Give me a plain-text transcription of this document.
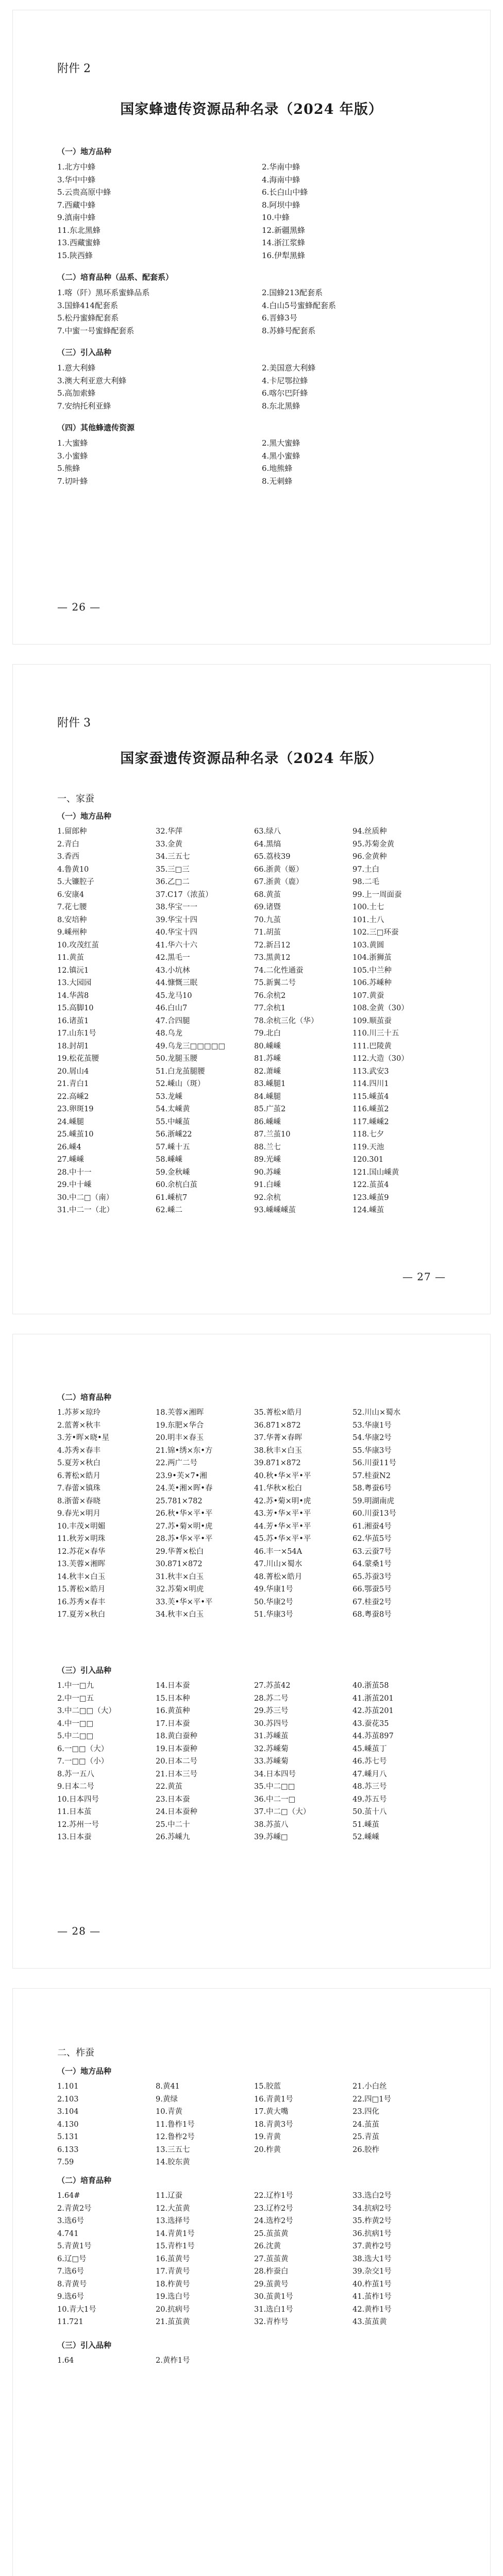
附件 2
国家蜂遗传资源品种名录（2024 年版）
（一）地方品种
1.北方中蜂	2.华南中蜂
3.华中中蜂	4.海南中蜂
5.云贵高原中蜂	6.长白山中蜂
7.西藏中蜂	8.阿坝中蜂
9.滇南中蜂	10.中蜂
11.东北黑蜂	12.新疆黑蜂
13.西藏蜜蜂	14.浙江浆蜂
15.陕西蜂	16.伊犁黑蜂
（二）培育品种（品系、配套系）
1.喀（阡）黑环系蜜蜂品系	2.国蜂213配套系
3.国蜂414配套系	4.白山5号蜜蜂配套系
5.松丹蜜蜂配套系	6.晋蜂3号
7.中蜜一号蜜蜂配套系	8.苏蜂号配套系
（三）引入品种
1.意大利蜂	2.美国意大利蜂
3.澳大利亚意大利蜂	4.卡尼鄂拉蜂
5.高加索蜂	6.喀尔巴阡蜂
7.安纳托利亚蜂	8.东北黑蜂
（四）其他蜂遗传资源
1.大蜜蜂	2.黑大蜜蜂
3.小蜜蜂	4.黑小蜜蜂
5.熊蜂	6.地熊蜂
7.切叶蜂	8.无刺蜂
— 26 —
附件 3
国家蚕遗传资源品种名录（2024 年版）
一、家蚕
（一）地方品种
1.留郎种	32.华萍	63.绿八	94.丝质种
2.青白	33.金黄	64.黑缟	95.苏菊金黄
3.香西	34.三五七	65.荔枝39	96.金黄种
4.鲁黄10	35.三□三	66.浙黄（姬）	97.土白
5.大镰腔子	36.乙□二	67.浙黄（鹿）	98.二毛
6.安康4	37.C17（浓茧）	68.黄茧	99.上一周面蚕
7.花七腰	38.华宝一一	69.诸暨	100.土七
8.安培种	39.华宝十四	70.九茧	101.土八
9.嵊州种	40.华宝十四	71.胡茧	102.三□环蚕
10.攻茂红茧	41.华六十六	72.新吕12	103.黄圆
11.黄茧	42.黑毛一	73.黑黄12	104.浙狮茧
12.镇沅1	43.小坑林	74.二化性通蚕	105.中兰种
13.大园园	44.慷慨三眠	75.新翼二号	106.苏嵊种
14.华茜8	45.龙马10	76.余杭2	107.黄蚕
15.高脚10	46.白山7	77.余杭1	108.金黄（30）
16.诸茧1	47.合四腿	78.余杭三化（华）	109.顺茧蚕
17.山东1号	48.乌龙	79.北白	110.川三十五
18.封胡1	49.乌龙三□□□□□	80.嵊嵊	111.巴陵黄
19.松花茧腰	50.龙腿玉腰	81.苏嵊	112.大造（30）
20.屑山4	51.白龙茧腿腰	82.萧嵊	113.武安3
21.青白1	52.嵊山（斑）	83.嵊腿1	114.四川1
22.高嵊2	53.龙嵊	84.嵊腿	115.嵊茧4
23.卵斑19	54.太嵊黄	85.广茧2	116.嵊茧2
24.嵊腿	55.中嵊茧	86.嵊嵊	117.嵊嵊2
25.嵊茧10	56.浙嵊22	87.兰茧10	118.七夕
26.嵊4	57.嵊十五	88.兰七	119.天池
27.嵊嵊	58.嵊嵊	89.光嵊	120.301
28.中十一	59.金秋嵊	90.苏嵊	121.国山嵊黄
29.中十嵊	60.余杭白茧	91.白嵊	122.茧茧4
30.中二□（南）	61.嵊杭7	92.余杭	123.嵊茧9
31.中二一（北）	62.嵊二	93.嵊嵊嵊茧	124.嵊茧
— 27 —
（二）培育品种
1.苏芗×琼玲	18.芙蓉×湘晖	35.菁松×皓月	52.川山×蜀水
2.蓝菁×秋丰	19.东肥×华合	36.871×872	53.华康1号
3.芳•晖×晓•星	20.明丰×春玉	37.华菁×春晖	54.华康2号
4.苏秀×春丰	21.锦•绣×东•方	38.秋丰×白玉	55.华康3号
5.夏芳×秋白	22.两广二号	39.871×872	56.川蚕11号
6.菁松×皓月	23.9•芙×7•湘	40.秋•华×平•平	57.桂蚕N2
7.春蕾×镇珠	24.芙•湘×晖•春	41.华秋×松白	58.粤蚕6号
8.浙蕾×春晓	25.781×782	42.苏•菊×明•虎	59.明湖南虎
9.春光×明月	26.秋•华×平•平	43.芳•华×平•平	60.川蚕13号
10.丰茂×明媚	27.苏•菊×明•虎	44.芳•华×平•平	61.湘蚕4号
11.秋芳×明珠	28.苏•华×平•平	45.苏•华×平•平	62.华茧5号
12.苏花×春华	29.华菁×松白	46.丰一×54A	63.云蚕7号
13.芙蓉×湘晖	30.871×872	47.川山×蜀水	64.蒙桑1号
14.秋丰×白玉	31.秋丰×白玉	48.菁松×皓月	65.苏蚕3号
15.菁松×皓月	32.苏菊×明虎	49.华康1号	66.鄂蚕5号
16.苏秀×春丰	33.芙•华×平•平	50.华康2号	67.桂蚕2号
17.夏芳×秋白	34.秋丰×白玉	51.华康3号	68.粤蚕8号
（三）引入品种
1.中一□九	14.日本蚕	27.苏茧42	40.浙茧58
2.中一□五	15.日本种	28.苏二号	41.浙茧201
3.中二□□（大）	16.黄茧种	29.苏三号	42.苏茧201
4.中一□□	17.日本蚕	30.苏四号	43.蚕花35
5.中二□□	18.黄白蚕种	31.苏嵊茧	44.苏茧897
6.一□□（大）	19.日本蚕种	32.苏嵊菊	45.嵊茧丁
7.一□□（小）	20.日本二号	33.苏嵊菊	46.苏七号
8.苏一五八	21.日本三号	34.日本四号	47.嵊月八
9.日本二号	22.黄茧	35.中二□□	48.苏三号
10.日本四号	23.日本蚕	36.中二一□	49.苏五号
11.日本茧	24.日本蚕种	37.中二□（大）	50.茧十八
12.苏州一号	25.中二十	38.苏茧八	51.嵊茧
13.日本蚕	26.苏嵊九	39.苏嵊□	52.嵊嵊
— 28 —
二、柞蚕
（一）地方品种
1.101	8.黄41	15.胶蓝	21.小白丝
2.103	9.黄绿	16.青黄1号	22.四□1号
3.104	10.青黄	17.黄大嘴	23.四化
4.130	11.鲁柞1号	18.青黄3号	24.茧茧
5.131	12.鲁柞2号	19.青黄	25.青茧
6.133	13.三五七	20.柞黄	26.胶柞
7.59	14.胶东黄
（二）培育品种
1.64#	11.辽蚕	22.辽柞1号	33.选白2号
2.青黄2号	12.大茧黄	23.辽柞2号	34.抗病2号
3.选6号	13.选择号	24.选柞2号	35.柞黄2号
4.741	14.青黄1号	25.茧茧黄	36.抗病1号
5.青黄1号	15.青柞1号	26.沈黄	37.黄柞2号
6.辽□号	16.茧黄号	27.茧茧黄	38.选大1号
7.选6号	17.青黄号	28.柞蚕白	39.杂交1号
8.青黄号	18.柞黄号	29.茧黄号	40.柞茧1号
9.选6号	19.选白号	30.茧黄1号	41.茧柞1号
10.青大1号	20.抗病号	31.选白1号	42.黄柞1号
11.721	21.茧茧黄	32.青柞号	43.茧茧黄
（三）引入品种
1.64	2.黄柞1号
